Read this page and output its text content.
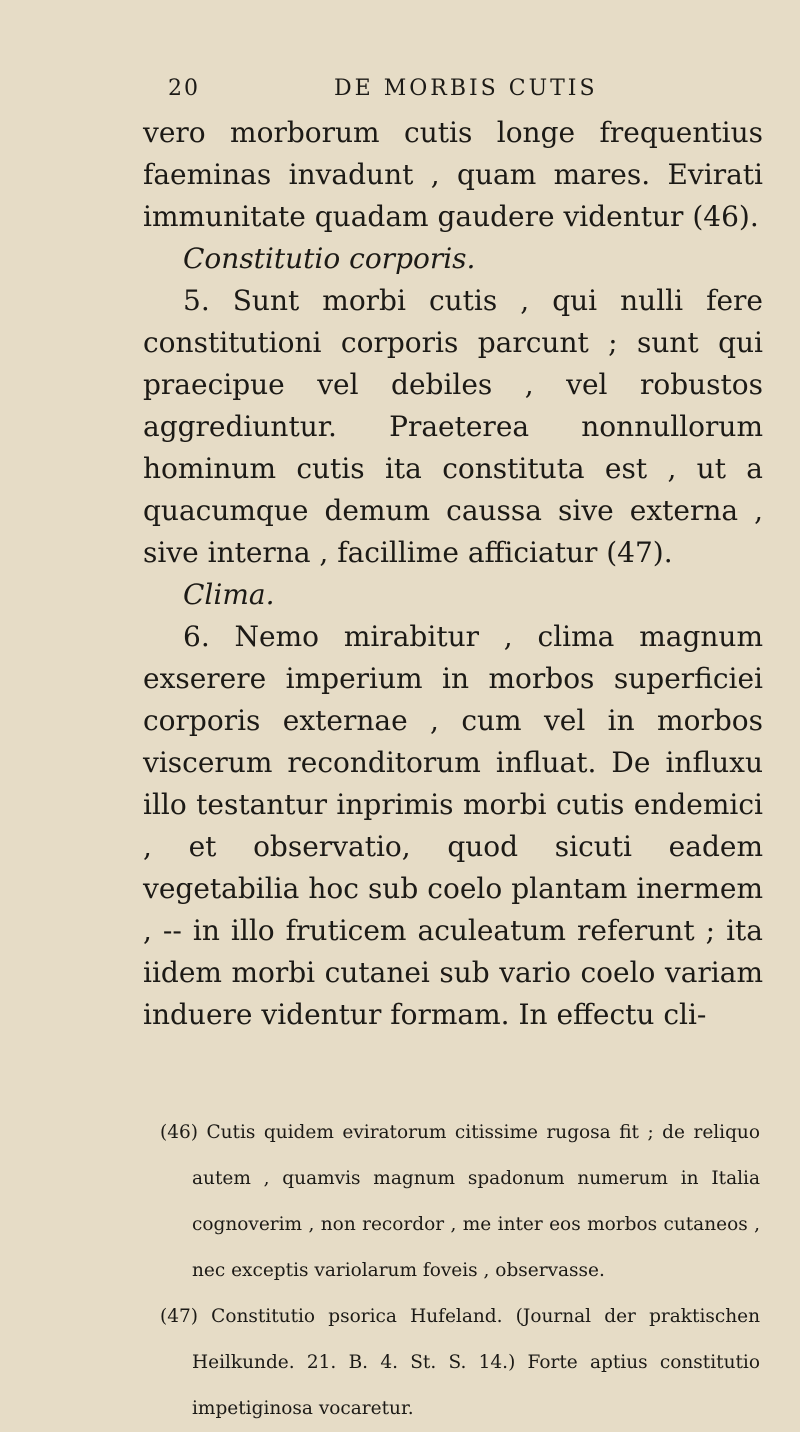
20	DE MORBIS CUTIS

vero morborum cutis longe frequentius faeminas invadunt , quam mares. Evirati immunitate quadam gaudere videntur (46).

Constitutio corporis.

5. Sunt morbi cutis , qui nulli fere constitutioni corporis parcunt ; sunt qui praecipue vel debiles , vel robustos aggrediuntur. Praeterea nonnullorum hominum cutis ita constituta est , ut a quacumque demum caussa sive externa , sive interna , facillime afficiatur (47).

Clima.

6. Nemo mirabitur , clima magnum exserere imperium in morbos superficiei corporis externae , cum vel in morbos viscerum reconditorum influat. De influxu illo testantur inprimis morbi cutis endemici , et observatio, quod sicuti eadem vegetabilia hoc sub coelo plantam inermem , -- in illo fruticem aculeatum referunt ; ita iidem morbi cutanei sub vario coelo variam induere videntur formam. In effectu cli-

(46) Cutis quidem eviratorum citissime rugosa fit ; de reliquo autem , quamvis magnum spadonum numerum in Italia cognoverim , non recordor , me inter eos morbos cutaneos , nec exceptis variolarum foveis , observasse.

(47) Constitutio psorica Hufeland. (Journal der praktischen Heilkunde. 21. B. 4. St. S. 14.) Forte aptius constitutio impetiginosa vocaretur.
